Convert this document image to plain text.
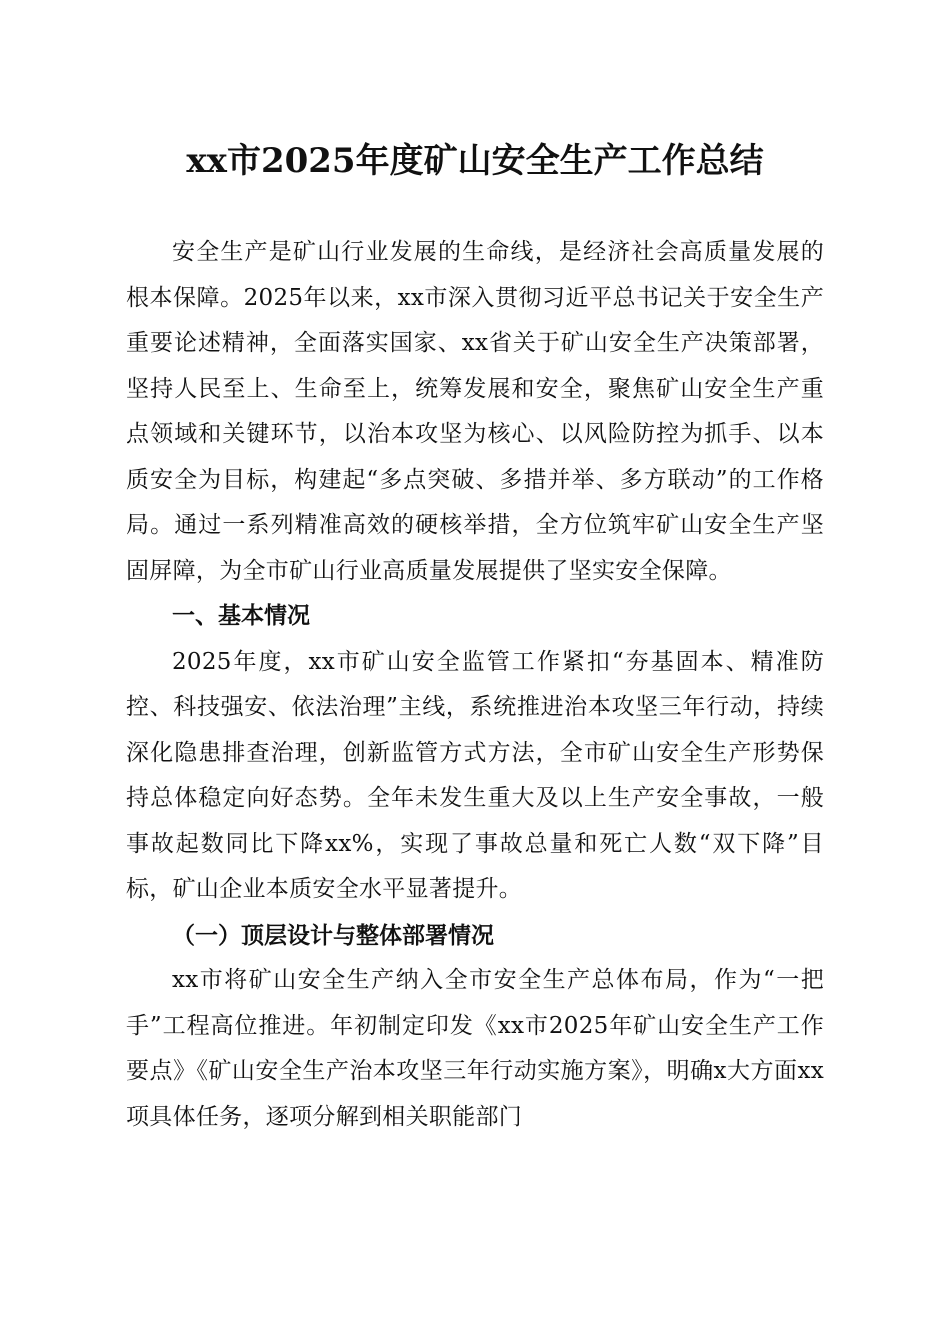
xx市2025年度矿山安全生产工作总结

安全生产是矿山行业发展的生命线，是经济社会高质量发展的根本保障。2025年以来，xx市深入贯彻习近平总书记关于安全生产重要论述精神，全面落实国家、xx省关于矿山安全生产决策部署，坚持人民至上、生命至上，统筹发展和安全，聚焦矿山安全生产重点领域和关键环节，以治本攻坚为核心、以风险防控为抓手、以本质安全为目标，构建起“多点突破、多措并举、多方联动”的工作格局。通过一系列精准高效的硬核举措，全方位筑牢矿山安全生产坚固屏障，为全市矿山行业高质量发展提供了坚实安全保障。

一、基本情况

2025年度，xx市矿山安全监管工作紧扣“夯基固本、精准防控、科技强安、依法治理”主线，系统推进治本攻坚三年行动，持续深化隐患排查治理，创新监管方式方法，全市矿山安全生产形势保持总体稳定向好态势。全年未发生重大及以上生产安全事故，一般事故起数同比下降xx%，实现了事故总量和死亡人数“双下降”目标，矿山企业本质安全水平显著提升。

（一）顶层设计与整体部署情况

xx市将矿山安全生产纳入全市安全生产总体布局，作为“一把手”工程高位推进。年初制定印发《xx市2025年矿山安全生产工作要点》《矿山安全生产治本攻坚三年行动实施方案》，明确x大方面xx项具体任务，逐项分解到相关职能部门
